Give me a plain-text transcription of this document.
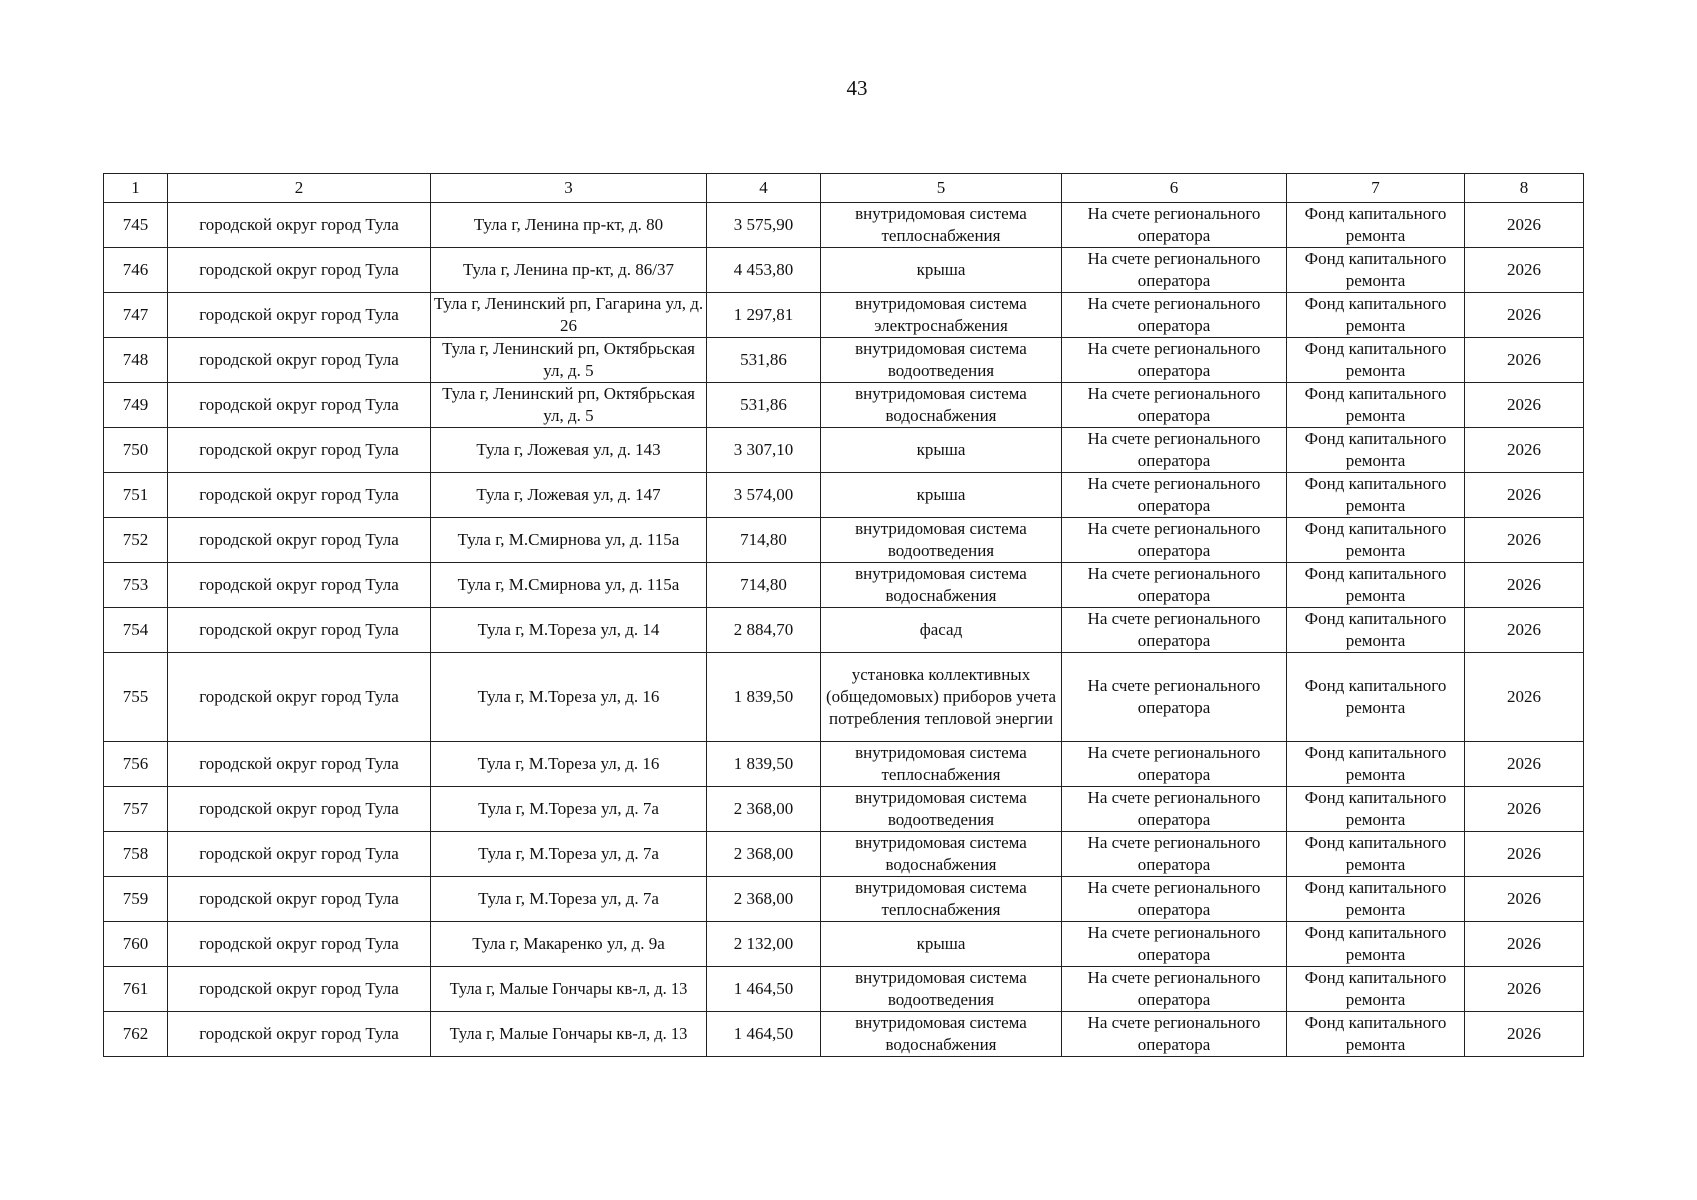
43
1	2	3	4	5	6	7	8
745	городской округ город Тула	Тула г, Ленина пр-кт, д. 80	3 575,90	внутридомовая система теплоснабжения	На счете регионального оператора	Фонд капитального ремонта	2026
746	городской округ город Тула	Тула г, Ленина пр-кт, д. 86/37	4 453,80	крыша	На счете регионального оператора	Фонд капитального ремонта	2026
747	городской округ город Тула	Тула г, Ленинский рп, Гагарина ул, д. 26	1 297,81	внутридомовая система электроснабжения	На счете регионального оператора	Фонд капитального ремонта	2026
748	городской округ город Тула	Тула г, Ленинский рп, Октябрьская ул, д. 5	531,86	внутридомовая система водоотведения	На счете регионального оператора	Фонд капитального ремонта	2026
749	городской округ город Тула	Тула г, Ленинский рп, Октябрьская ул, д. 5	531,86	внутридомовая система водоснабжения	На счете регионального оператора	Фонд капитального ремонта	2026
750	городской округ город Тула	Тула г, Ложевая ул, д. 143	3 307,10	крыша	На счете регионального оператора	Фонд капитального ремонта	2026
751	городской округ город Тула	Тула г, Ложевая ул, д. 147	3 574,00	крыша	На счете регионального оператора	Фонд капитального ремонта	2026
752	городской округ город Тула	Тула г, М.Смирнова ул, д. 115а	714,80	внутридомовая система водоотведения	На счете регионального оператора	Фонд капитального ремонта	2026
753	городской округ город Тула	Тула г, М.Смирнова ул, д. 115а	714,80	внутридомовая система водоснабжения	На счете регионального оператора	Фонд капитального ремонта	2026
754	городской округ город Тула	Тула г, М.Тореза ул, д. 14	2 884,70	фасад	На счете регионального оператора	Фонд капитального ремонта	2026
755	городской округ город Тула	Тула г, М.Тореза ул, д. 16	1 839,50	установка коллективных (общедомовых) приборов учета потребления тепловой энергии	На счете регионального оператора	Фонд капитального ремонта	2026
756	городской округ город Тула	Тула г, М.Тореза ул, д. 16	1 839,50	внутридомовая система теплоснабжения	На счете регионального оператора	Фонд капитального ремонта	2026
757	городской округ город Тула	Тула г, М.Тореза ул, д. 7а	2 368,00	внутридомовая система водоотведения	На счете регионального оператора	Фонд капитального ремонта	2026
758	городской округ город Тула	Тула г, М.Тореза ул, д. 7а	2 368,00	внутридомовая система водоснабжения	На счете регионального оператора	Фонд капитального ремонта	2026
759	городской округ город Тула	Тула г, М.Тореза ул, д. 7а	2 368,00	внутридомовая система теплоснабжения	На счете регионального оператора	Фонд капитального ремонта	2026
760	городской округ город Тула	Тула г, Макаренко ул, д. 9а	2 132,00	крыша	На счете регионального оператора	Фонд капитального ремонта	2026
761	городской округ город Тула	Тула г, Малые Гончары кв-л, д. 13	1 464,50	внутридомовая система водоотведения	На счете регионального оператора	Фонд капитального ремонта	2026
762	городской округ город Тула	Тула г, Малые Гончары кв-л, д. 13	1 464,50	внутридомовая система водоснабжения	На счете регионального оператора	Фонд капитального ремонта	2026
